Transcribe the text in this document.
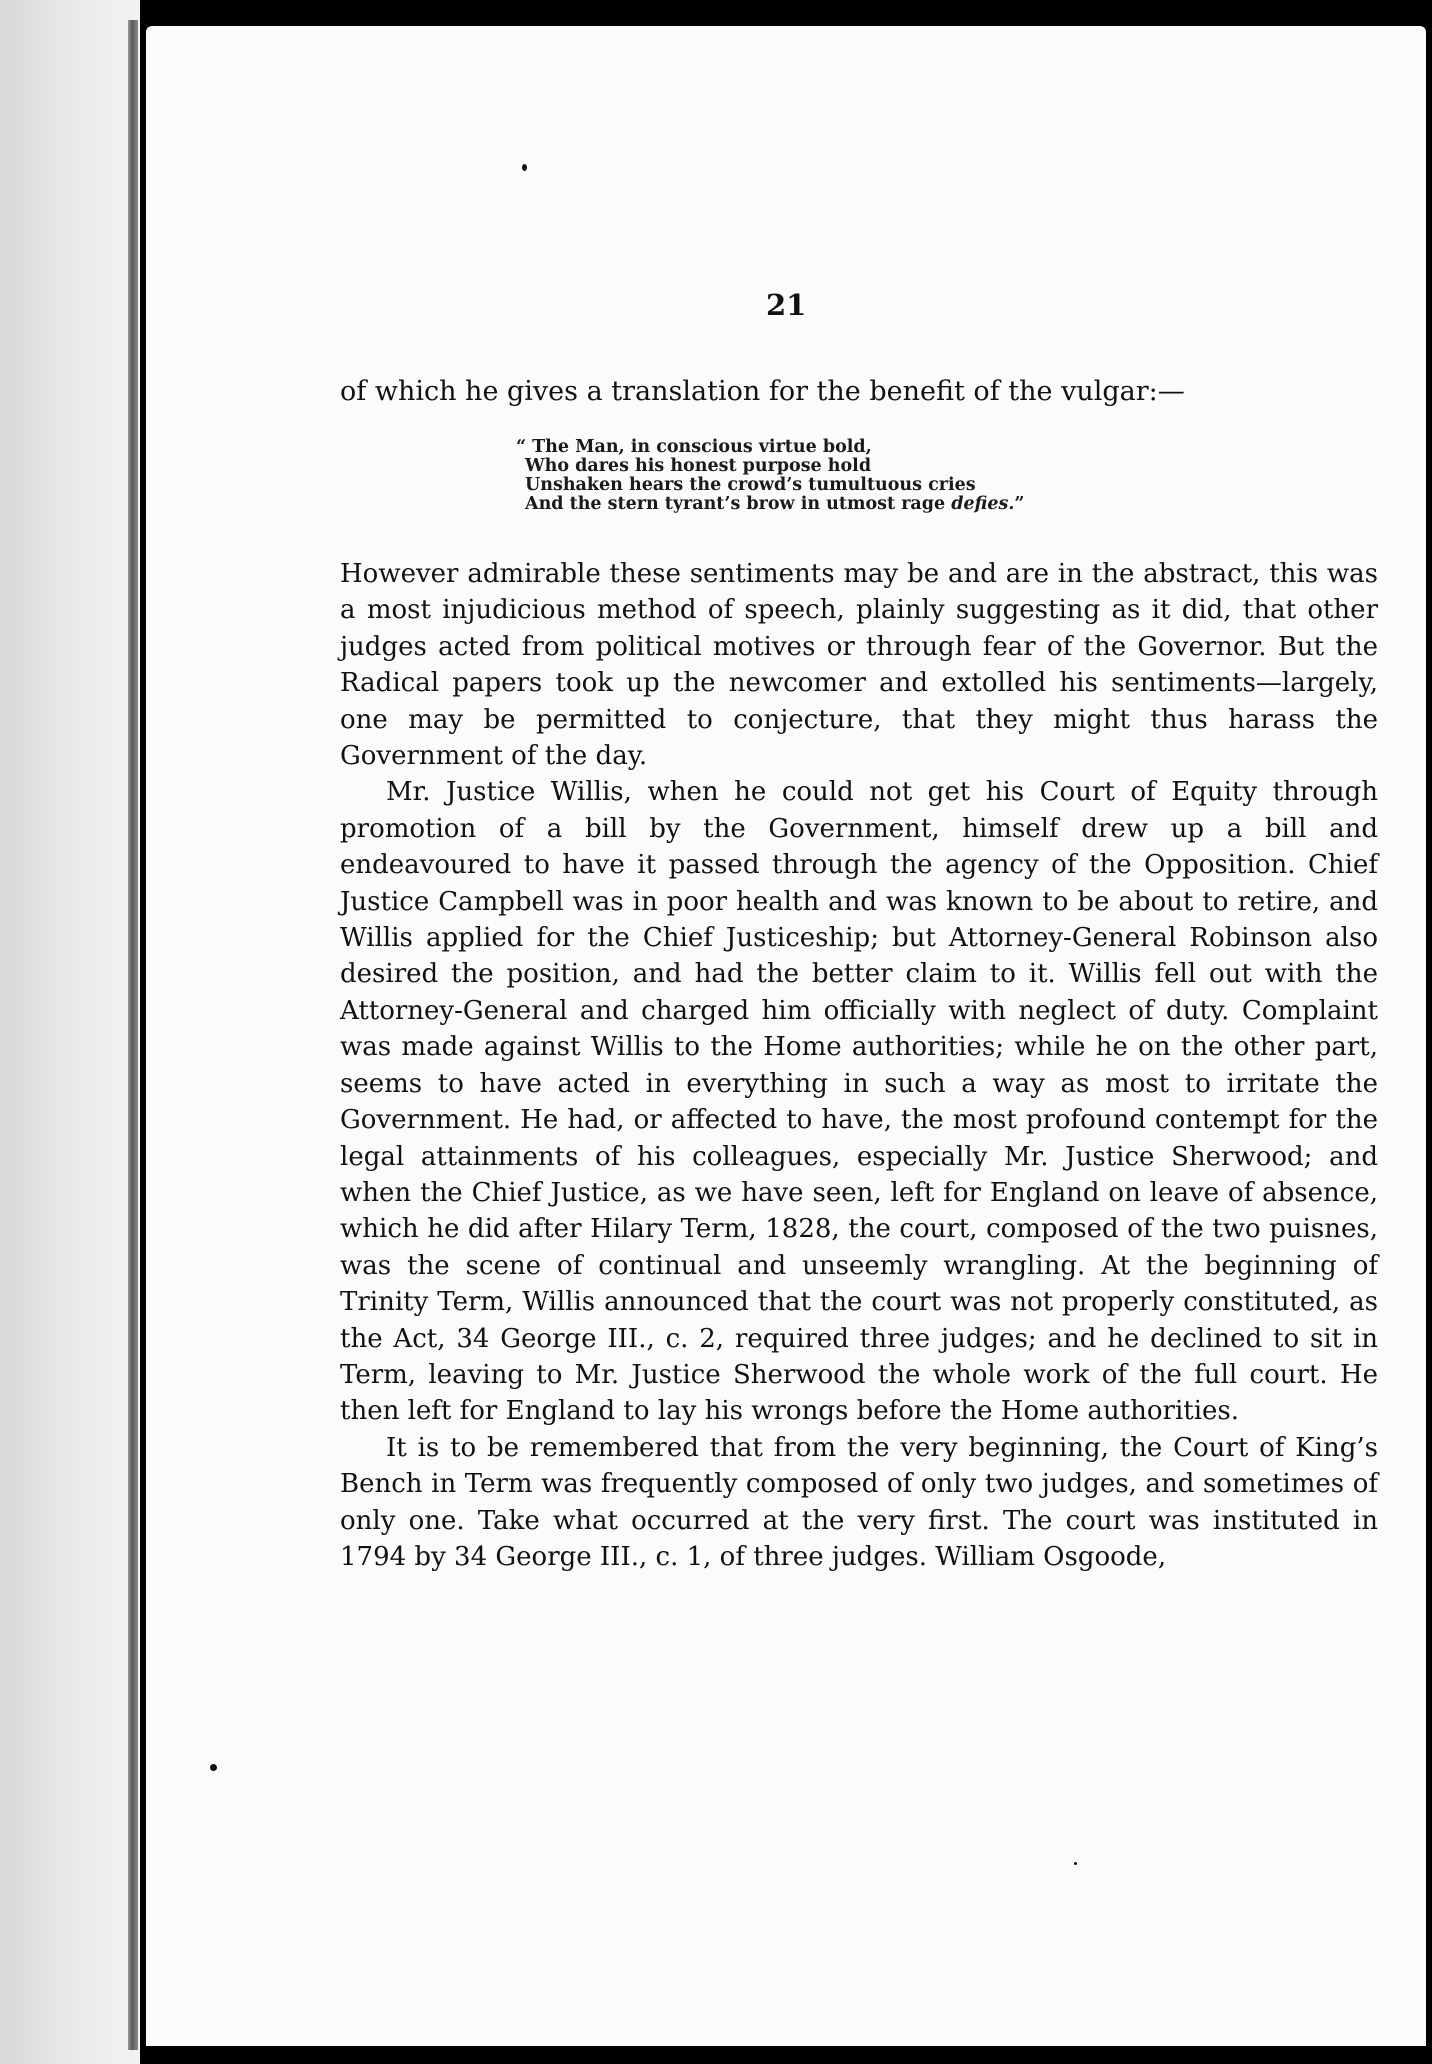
21

of which he gives a translation for the benefit of the vulgar:—

“ The Man, in conscious virtue bold,
Who dares his honest purpose hold
Unshaken hears the crowd’s tumultuous cries
And the stern tyrant’s brow in utmost rage defies.”

However admirable these sentiments may be and are in the abstract, this was a most injudicious method of speech, plainly suggesting as it did, that other judges acted from political motives or through fear of the Governor. But the Radical papers took up the newcomer and extolled his sentiments—largely, one may be permitted to conjecture, that they might thus harass the Government of the day.

Mr. Justice Willis, when he could not get his Court of Equity through promotion of a bill by the Government, himself drew up a bill and endeavoured to have it passed through the agency of the Opposition. Chief Justice Campbell was in poor health and was known to be about to retire, and Willis applied for the Chief Justiceship; but Attorney-General Robinson also desired the position, and had the better claim to it. Willis fell out with the Attorney-General and charged him officially with neglect of duty. Complaint was made against Willis to the Home authorities; while he on the other part, seems to have acted in everything in such a way as most to irritate the Government. He had, or affected to have, the most profound contempt for the legal attainments of his colleagues, especially Mr. Justice Sherwood; and when the Chief Justice, as we have seen, left for England on leave of absence, which he did after Hilary Term, 1828, the court, composed of the two puisnes, was the scene of continual and unseemly wrangling. At the beginning of Trinity Term, Willis announced that the court was not properly constituted, as the Act, 34 George III., c. 2, required three judges; and he declined to sit in Term, leaving to Mr. Justice Sherwood the whole work of the full court. He then left for England to lay his wrongs before the Home authorities.

It is to be remembered that from the very beginning, the Court of King’s Bench in Term was frequently composed of only two judges, and sometimes of only one. Take what occurred at the very first. The court was instituted in 1794 by 34 George III., c. 1, of three judges. William Osgoode,
